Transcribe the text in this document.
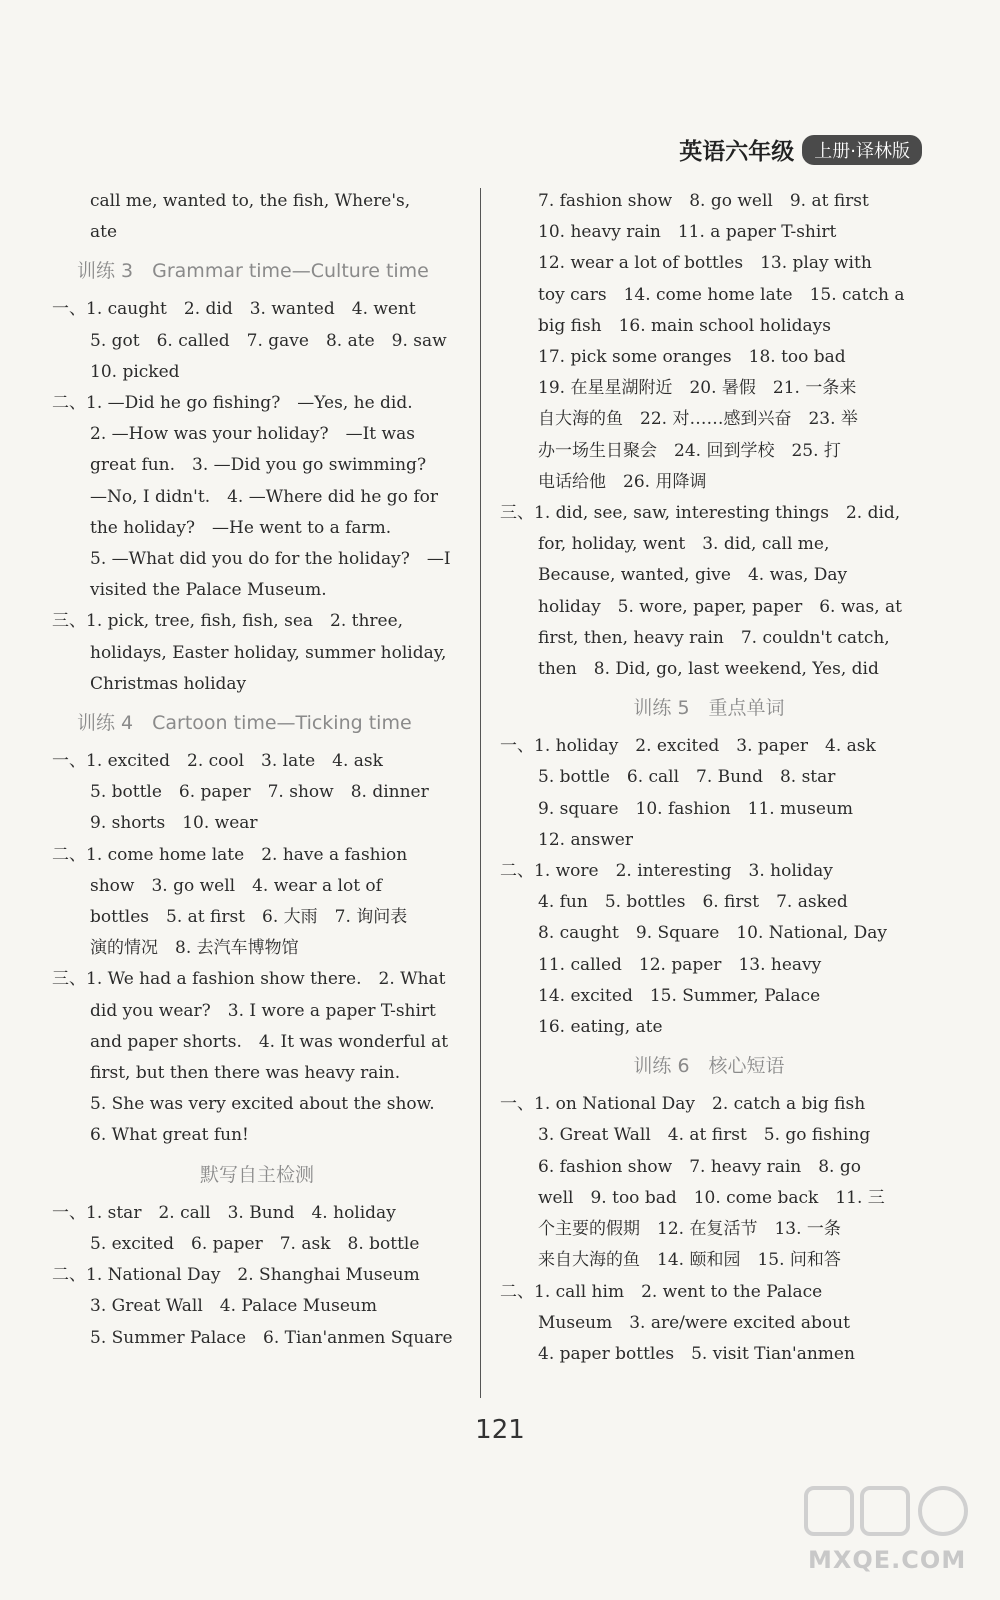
英语六年级	上册·译林版
call me, wanted to, the fish, Where's,
ate
训练 3　Grammar time—Culture time
一、1. caught　2. did　3. wanted　4. went
5. got　6. called　7. gave　8. ate　9. saw
10. picked
二、1. —Did he go fishing?　—Yes, he did.
2. —How was your holiday?　—It was
great fun.　3. —Did you go swimming?
—No, I didn't.　4. —Where did he go for
the holiday?　—He went to a farm.
5. —What did you do for the holiday?　—I
visited the Palace Museum.
三、1. pick, tree, fish, fish, sea　2. three,
holidays, Easter holiday, summer holiday,
Christmas holiday
训练 4　Cartoon time—Ticking time
一、1. excited　2. cool　3. late　4. ask
5. bottle　6. paper　7. show　8. dinner
9. shorts　10. wear
二、1. come home late　2. have a fashion
show　3. go well　4. wear a lot of
bottles　5. at first　6. 大雨　7. 询问表
演的情况　8. 去汽车博物馆
三、1. We had a fashion show there.　2. What
did you wear?　3. I wore a paper T-shirt
and paper shorts.　4. It was wonderful at
first, but then there was heavy rain.
5. She was very excited about the show.
6. What great fun!
默写自主检测
一、1. star　2. call　3. Bund　4. holiday
5. excited　6. paper　7. ask　8. bottle
二、1. National Day　2. Shanghai Museum
3. Great Wall　4. Palace Museum
5. Summer Palace　6. Tian'anmen Square
7. fashion show　8. go well　9. at first
10. heavy rain　11. a paper T-shirt
12. wear a lot of bottles　13. play with
toy cars　14. come home late　15. catch a
big fish　16. main school holidays
17. pick some oranges　18. too bad
19. 在星星湖附近　20. 暑假　21. 一条来
自大海的鱼　22. 对……感到兴奋　23. 举
办一场生日聚会　24. 回到学校　25. 打
电话给他　26. 用降调
三、1. did, see, saw, interesting things　2. did,
for, holiday, went　3. did, call me,
Because, wanted, give　4. was, Day
holiday　5. wore, paper, paper　6. was, at
first, then, heavy rain　7. couldn't catch,
then　8. Did, go, last weekend, Yes, did
训练 5　重点单词
一、1. holiday　2. excited　3. paper　4. ask
5. bottle　6. call　7. Bund　8. star
9. square　10. fashion　11. museum
12. answer
二、1. wore　2. interesting　3. holiday
4. fun　5. bottles　6. first　7. asked
8. caught　9. Square　10. National, Day
11. called　12. paper　13. heavy
14. excited　15. Summer, Palace
16. eating, ate
训练 6　核心短语
一、1. on National Day　2. catch a big fish
3. Great Wall　4. at first　5. go fishing
6. fashion show　7. heavy rain　8. go
well　9. too bad　10. come back　11. 三
个主要的假期　12. 在复活节　13. 一条
来自大海的鱼　14. 颐和园　15. 问和答
二、1. call him　2. went to the Palace
Museum　3. are/were excited about
4. paper bottles　5. visit Tian'anmen
121
MXQE.COM
